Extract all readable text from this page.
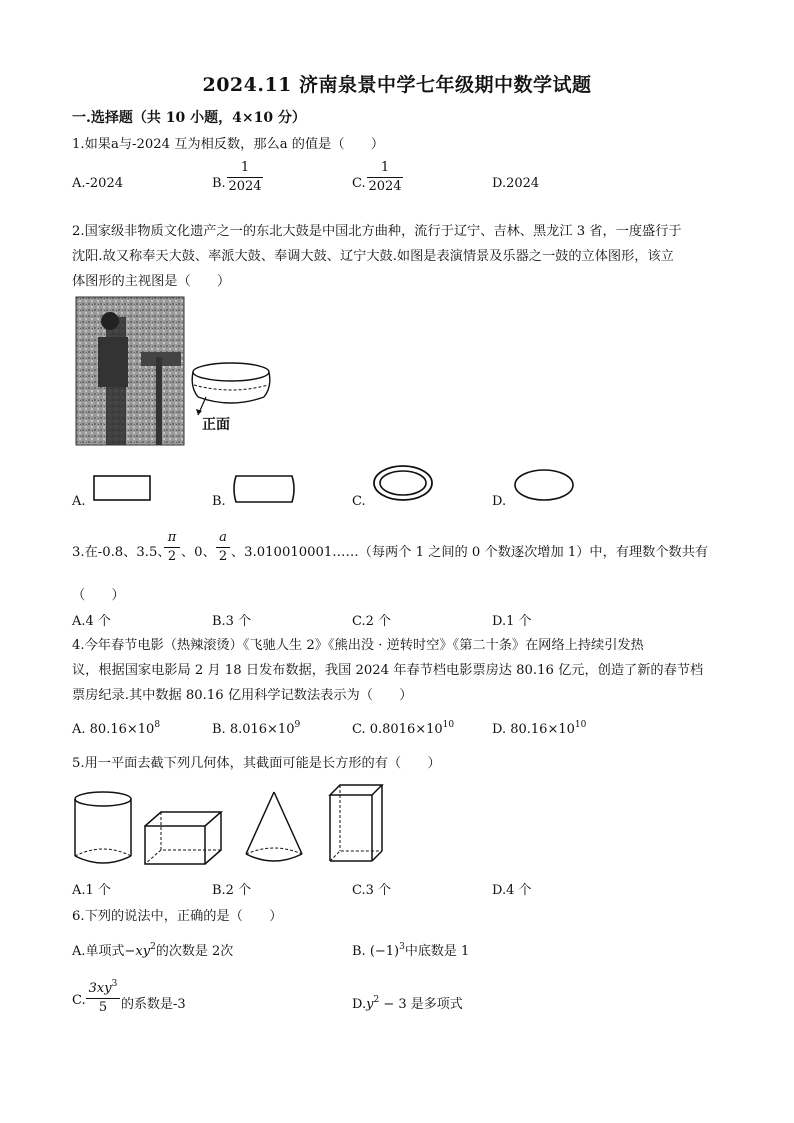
2024.11 济南泉景中学七年级期中数学试题
一.选择题（共 10 小题，4×10 分）
1.如果a与-2024 互为相反数，那么a 的值是（　　）
A.-2024	B.
1
2024	C.
1
2024	D.2024
2.国家级非物质文化遗产之一的东北大鼓是中国北方曲种，流行于辽宁、吉林、黑龙江 3 省，一度盛行于
沈阳.故又称奉天大鼓、率派大鼓、奉调大鼓、辽宁大鼓.如图是表演情景及乐器之一鼓的立体图形，该立
体图形的主视图是（　　）
正面
A.	B.	C.	D.
3.在-0.8、3.5、
π
2 、0、
a
2 、3.010010001……（每两个 1 之间的 0 个数逐次增加 1）中，有理数个数共有
（　　）
A.4 个	B.3 个	C.2 个	D.1 个
4.今年春节电影（热辣滚烫）《飞驰人生 2》《熊出没 · 逆转时空》《第二十条》在网络上持续引发热
议，根据国家电影局 2 月 18 日发布数据，我国 2024 年春节档电影票房达 80.16 亿元，创造了新的春节档
票房纪录.其中数据 80.16 亿用科学记数法表示为（　　）
A. $80.16\times 10^8$	B. $8.016\times 10^9$	C. $0.8016\times 10^{10}$	D. $80.16\times 10^{10}$
5.用一平面去截下列几何体，其截面可能是长方形的有（　　）
A.1 个	B.2 个	C.3 个	D.4 个
6.下列的说法中，正确的是（　　）
A.单项式$-xy^2$的次数是 2次	B. $(-1)^3$中底数是 1
C.
$3xy^3$
5	的系数是-3	$D.y^2 - 3$ 是多项式
